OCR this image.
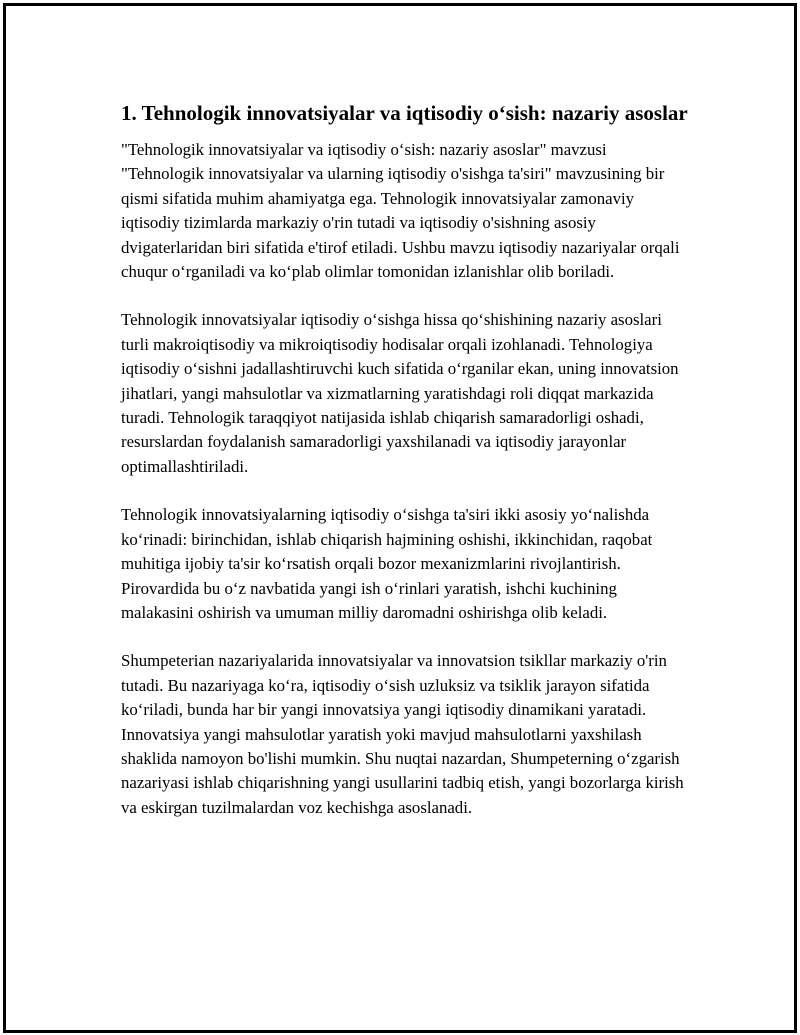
1. Tehnologik innovatsiyalar va iqtisodiy o‘sish: nazariy asoslar

"Tehnologik innovatsiyalar va iqtisodiy o‘sish: nazariy asoslar" mavzusi "Tehnologik innovatsiyalar va ularning iqtisodiy o'sishga ta'siri" mavzusining bir qismi sifatida muhim ahamiyatga ega. Tehnologik innovatsiyalar zamonaviy iqtisodiy tizimlarda markaziy o'rin tutadi va iqtisodiy o'sishning asosiy dvigaterlaridan biri sifatida e'tirof etiladi. Ushbu mavzu iqtisodiy nazariyalar orqali chuqur o‘rganiladi va ko‘plab olimlar tomonidan izlanishlar olib boriladi.

Tehnologik innovatsiyalar iqtisodiy o‘sishga hissa qo‘shishining nazariy asoslari turli makroiqtisodiy va mikroiqtisodiy hodisalar orqali izohlanadi. Tehnologiya iqtisodiy o‘sishni jadallashtiruvchi kuch sifatida o‘rganilar ekan, uning innovatsion jihatlari, yangi mahsulotlar va xizmatlarning yaratishdagi roli diqqat markazida turadi. Tehnologik taraqqiyot natijasida ishlab chiqarish samaradorligi oshadi, resurslardan foydalanish samaradorligi yaxshilanadi va iqtisodiy jarayonlar optimallashtiriladi.

Tehnologik innovatsiyalarning iqtisodiy o‘sishga ta'siri ikki asosiy yo‘nalishda ko‘rinadi: birinchidan, ishlab chiqarish hajmining oshishi, ikkinchidan, raqobat muhitiga ijobiy ta'sir ko‘rsatish orqali bozor mexanizmlarini rivojlantirish. Pirovardida bu o‘z navbatida yangi ish o‘rinlari yaratish, ishchi kuchining malakasini oshirish va umuman milliy daromadni oshirishga olib keladi.

Shumpeterian nazariyalarida innovatsiyalar va innovatsion tsikllar markaziy o'rin tutadi. Bu nazariyaga ko‘ra, iqtisodiy o‘sish uzluksiz va tsiklik jarayon sifatida ko‘riladi, bunda har bir yangi innovatsiya yangi iqtisodiy dinamikani yaratadi. Innovatsiya yangi mahsulotlar yaratish yoki mavjud mahsulotlarni yaxshilash shaklida namoyon bo'lishi mumkin. Shu nuqtai nazardan, Shumpeterning o‘zgarish nazariyasi ishlab chiqarishning yangi usullarini tadbiq etish, yangi bozorlarga kirish va eskirgan tuzilmalardan voz kechishga asoslanadi.
